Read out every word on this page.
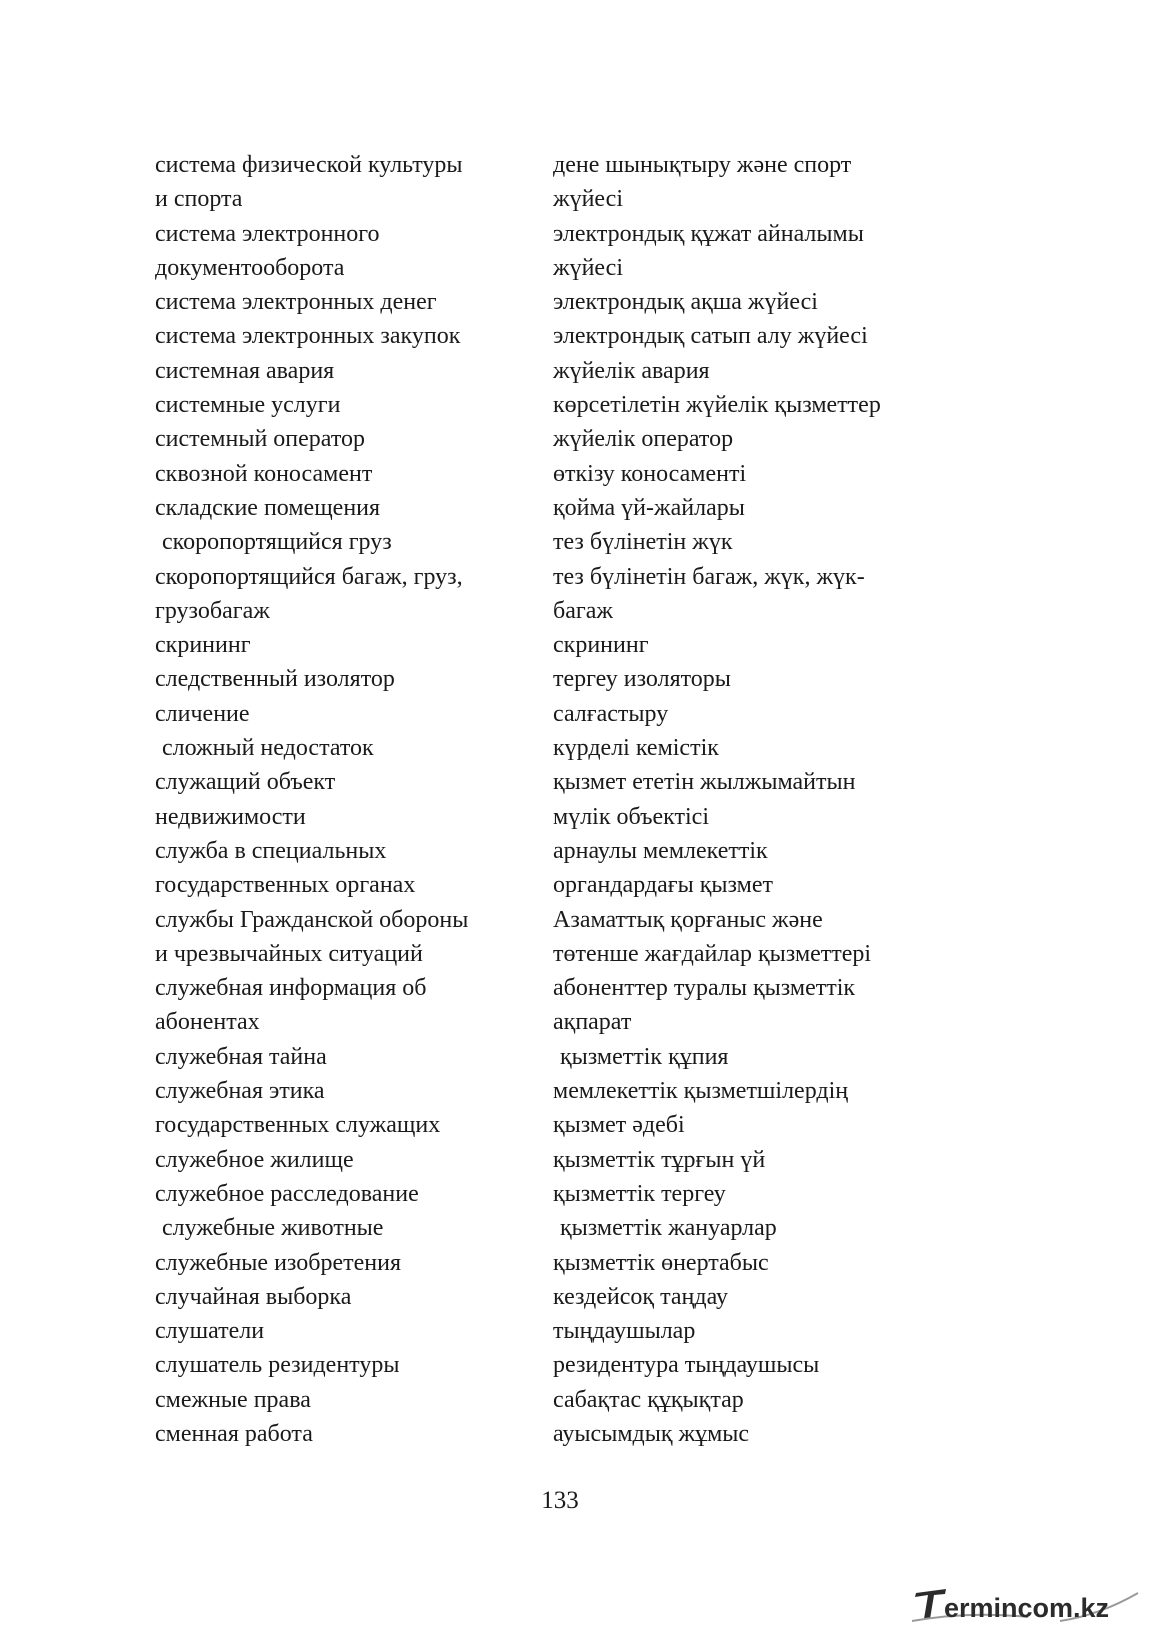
система физической культуры	дене шынықтыру және спорт
и спорта	жүйесі
система электронного	электрондық құжат айналымы
документооборота	жүйесі
система электронных денег	электрондық ақша жүйесі
система электронных закупок	электрондық сатып алу жүйесі
системная авария	жүйелік авария
системные услуги	көрсетілетін жүйелік қызметтер
системный оператор	жүйелік оператор
сквозной коносамент	өткізу коносаменті
складские помещения	қойма үй-жайлары
скоропортящийся груз	тез бүлінетін жүк
скоропортящийся багаж, груз,	тез бүлінетін багаж, жүк, жүк-
грузобагаж	багаж
скрининг	скрининг
следственный изолятор	тергеу изоляторы
сличение	салғастыру
сложный недостаток	күрделі кемістік
служащий объект	қызмет ететін жылжымайтын
недвижимости	мүлік объектісі
служба в специальных	арнаулы мемлекеттік
государственных органах	органдардағы қызмет
службы Гражданской обороны	Азаматтық қорғаныс және
и чрезвычайных ситуаций	төтенше жағдайлар қызметтері
служебная информация об	абоненттер туралы қызметтік
абонентах	ақпарат
служебная тайна	қызметтік құпия
служебная этика	мемлекеттік қызметшілердің
государственных служащих	қызмет әдебі
служебное жилище	қызметтік тұрғын үй
служебное расследование	қызметтік тергеу
служебные животные	қызметтік жануарлар
служебные изобретения	қызметтік өнертабыс
случайная выборка	кездейсоқ таңдау
слушатели	тыңдаушылар
слушатель резидентуры	резидентура тыңдаушысы
смежные права	сабақтас құқықтар
сменная работа	ауысымдық жұмыс
133
ermincom.kz
